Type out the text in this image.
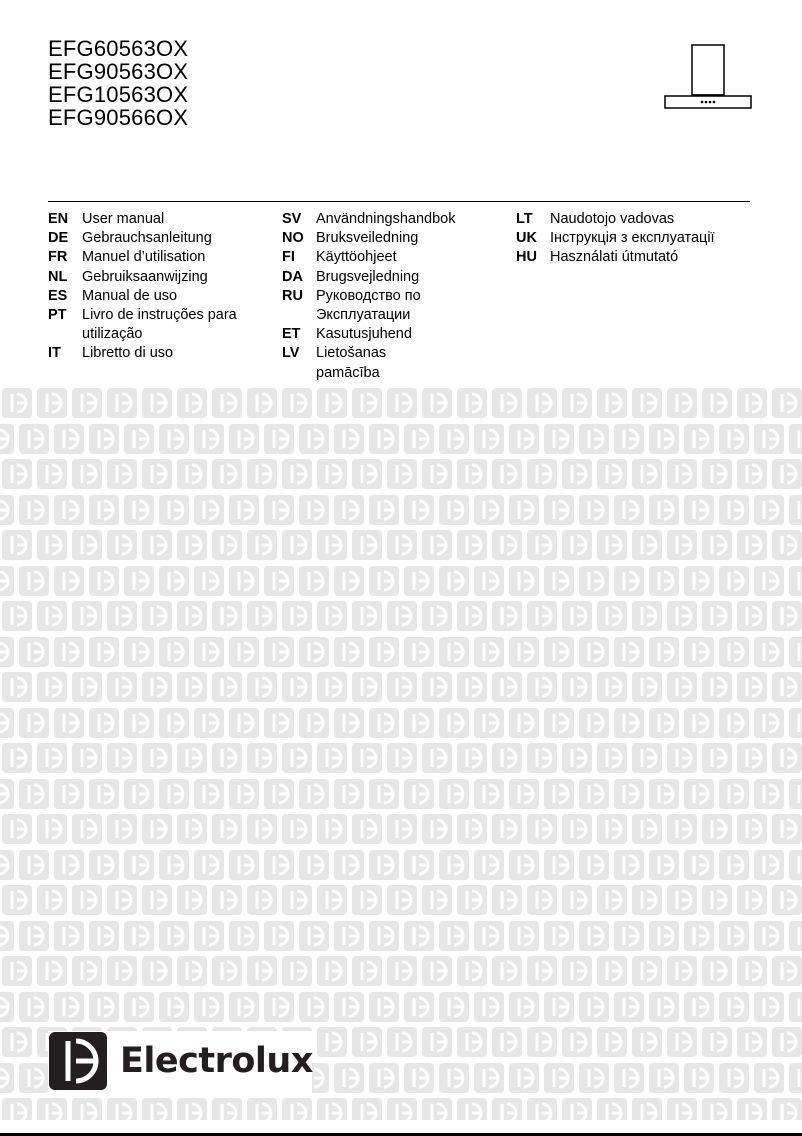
EFG60563OX
EFG90563OX
EFG10563OX
EFG90566OX
EN User manual
DE Gebrauchsanleitung
FR	Manuel d’utilisation
NL	Gebruiksaanwijzing
ES	Manual de uso
PT	Livro de instruções para utilização
IT	Libretto di uso
SV	Användningshandbok
NO Bruksveiledning
FI	Käyttöohjeet
DA Brugsvejledning
RU Руководство по Эксплуатации
ET	Kasutusjuhend
LV	Lietošanas pamācība
LT	Naudotojo vadovas
UK Інструкція з експлуатації
HU Használati útmutató
Electrolux
